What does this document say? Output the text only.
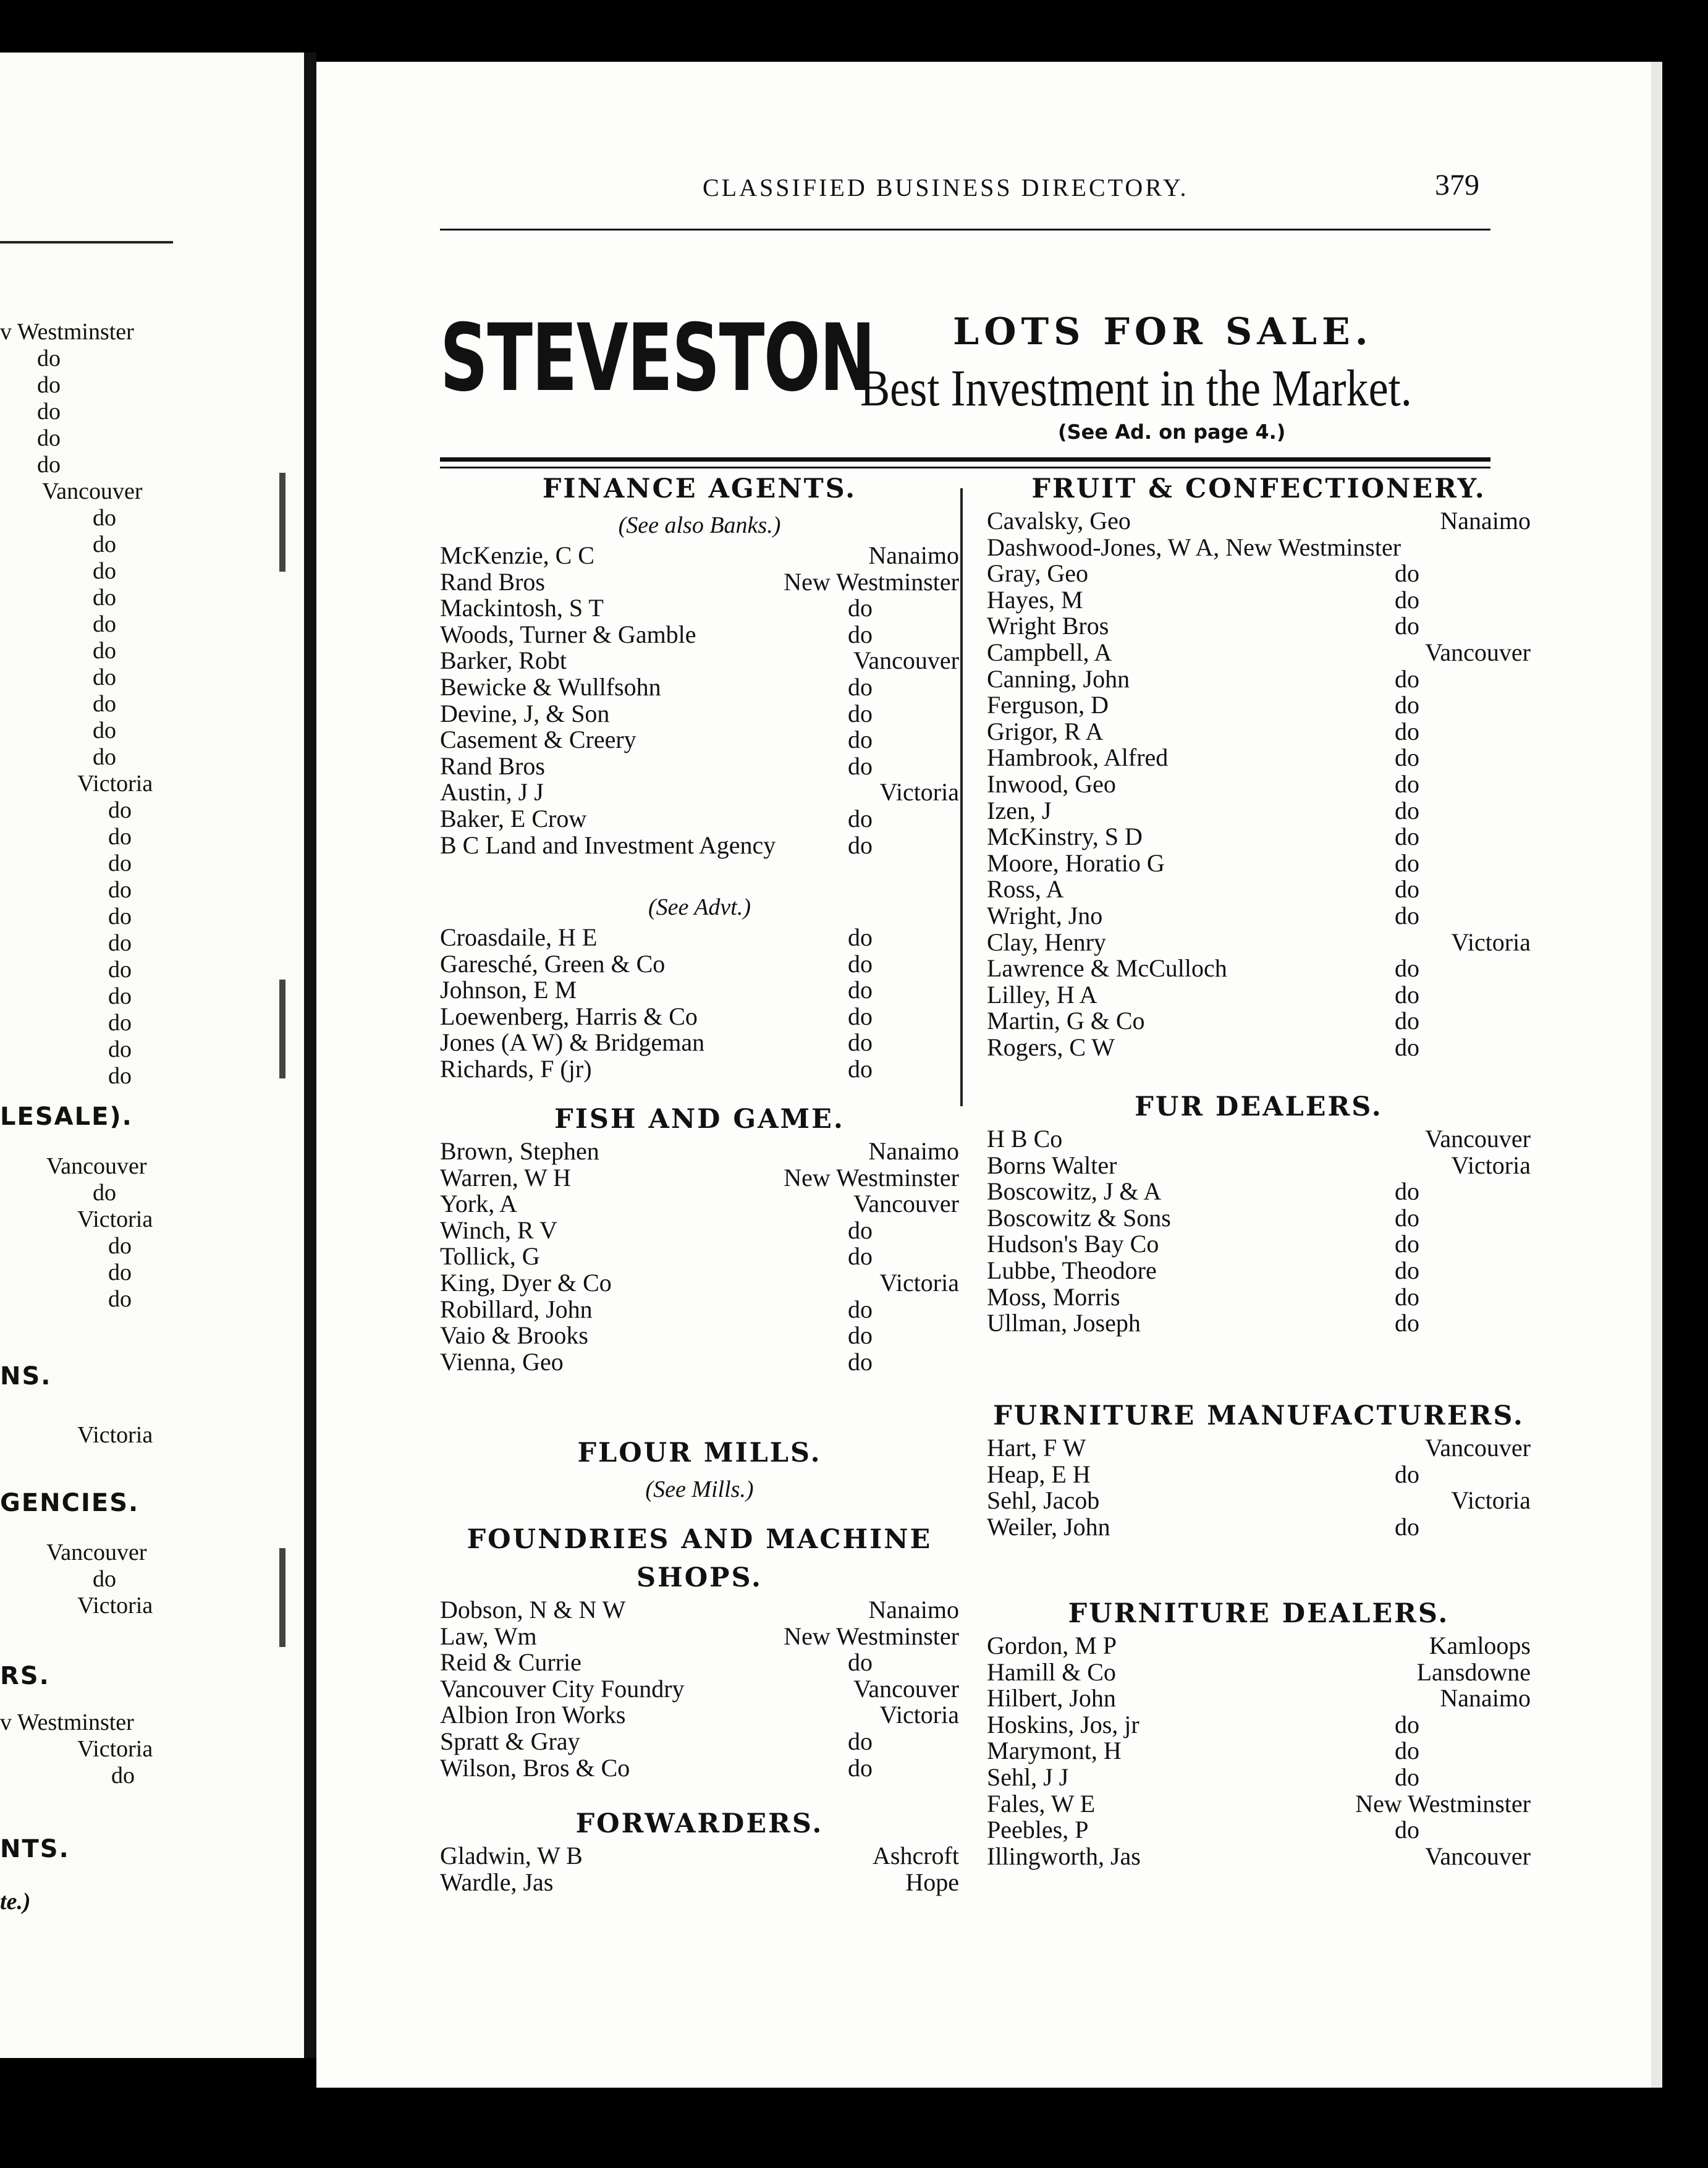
v Westminster
do
do
do
do
do
Vancouver
do
do
do
do
do
do
do
do
do
do
Victoria
do
do
do
do
do
do
do
do
do
do
do
LESALE).
Vancouver
do
Victoria
do
do
do
NS.
Victoria
GENCIES.
Vancouver
do
Victoria
RS.
v Westminster
Victoria
do
NTS.
te.)
CLASSIFIED BUSINESS DIRECTORY.	379
STEVESTON LOTS FOR SALE.
Best Investment in the Market.
(See Ad. on page 4.)
FINANCE AGENTS.
(See also Banks.)
McKenzie, C C	Nanaimo
Rand Bros	New Westminster
Mackintosh, S T	do
Woods, Turner & Gamble	do
Barker, Robt	Vancouver
Bewicke & Wullfsohn	do
Devine, J, & Son	do
Casement & Creery	do
Rand Bros	do
Austin, J J	Victoria
Baker, E Crow	do
B C Land and Investment Agency	do
(See Advt.)
Croasdaile, H E	do
Garesché, Green & Co	do
Johnson, E M	do
Loewenberg, Harris & Co	do
Jones (A W) & Bridgeman	do
Richards, F (jr)	do
FISH AND GAME.
Brown, Stephen	Nanaimo
Warren, W H	New Westminster
York, A	Vancouver
Winch, R V	do
Tollick, G	do
King, Dyer & Co	Victoria
Robillard, John	do
Vaio & Brooks	do
Vienna, Geo	do
FLOUR MILLS.
(See Mills.)
FOUNDRIES AND MACHINE SHOPS.
Dobson, N & N W	Nanaimo
Law, Wm	New Westminster
Reid & Currie	do
Vancouver City Foundry	Vancouver
Albion Iron Works	Victoria
Spratt & Gray	do
Wilson, Bros & Co	do
FORWARDERS.
Gladwin, W B	Ashcroft
Wardle, Jas	Hope
FRUIT & CONFECTIONERY.
Cavalsky, Geo	Nanaimo
Dashwood-Jones, W A, New Westminster
Gray, Geo	do
Hayes, M	do
Wright Bros	do
Campbell, A	Vancouver
Canning, John	do
Ferguson, D	do
Grigor, R A	do
Hambrook, Alfred	do
Inwood, Geo	do
Izen, J	do
McKinstry, S D	do
Moore, Horatio G	do
Ross, A	do
Wright, Jno	do
Clay, Henry	Victoria
Lawrence & McCulloch	do
Lilley, H A	do
Martin, G & Co	do
Rogers, C W	do
FUR DEALERS.
H B Co	Vancouver
Borns Walter	Victoria
Boscowitz, J & A	do
Boscowitz & Sons	do
Hudson's Bay Co	do
Lubbe, Theodore	do
Moss, Morris	do
Ullman, Joseph	do
FURNITURE MANUFACTURERS.
Hart, F W	Vancouver
Heap, E H	do
Sehl, Jacob	Victoria
Weiler, John	do
FURNITURE DEALERS.
Gordon, M P	Kamloops
Hamill & Co	Lansdowne
Hilbert, John	Nanaimo
Hoskins, Jos, jr	do
Marymont, H	do
Sehl, J J	do
Fales, W E	New Westminster
Peebles, P	do
Illingworth, Jas	Vancouver
